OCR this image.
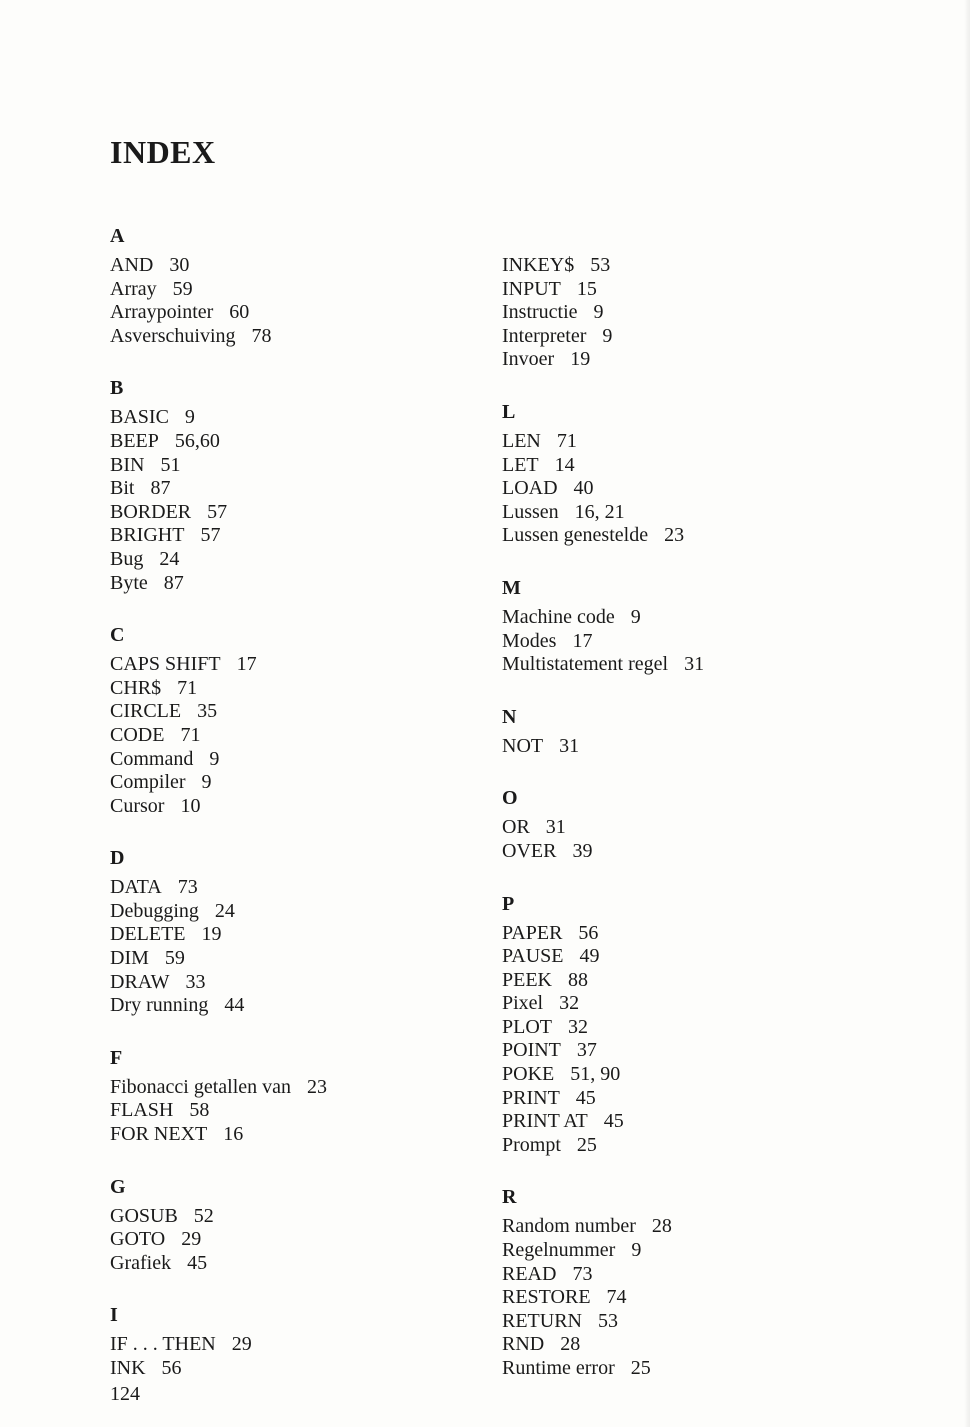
INDEX
A
AND 30
Array 59
Arraypointer 60
Asverschuiving 78
B
BASIC 9
BEEP 56,60
BIN 51
Bit 87
BORDER 57
BRIGHT 57
Bug 24
Byte 87
C
CAPS SHIFT 17
CHR$ 71
CIRCLE 35
CODE 71
Command 9
Compiler 9
Cursor 10
D
DATA 73
Debugging 24
DELETE 19
DIM 59
DRAW 33
Dry running 44
F
Fibonacci getallen van 23
FLASH 58
FOR NEXT 16
G
GOSUB 52
GOTO 29
Grafiek 45
I
IF . . . THEN 29
INK 56
INKEY$ 53
INPUT 15
Instructie 9
Interpreter 9
Invoer 19
L
LEN 71
LET 14
LOAD 40
Lussen 16, 21
Lussen genestelde 23
M
Machine code 9
Modes 17
Multistatement regel 31
N
NOT 31
O
OR 31
OVER 39
P
PAPER 56
PAUSE 49
PEEK 88
Pixel 32
PLOT 32
POINT 37
POKE 51, 90
PRINT 45
PRINT AT 45
Prompt 25
R
Random number 28
Regelnummer 9
READ 73
RESTORE 74
RETURN 53
RND 28
Runtime error 25
124
